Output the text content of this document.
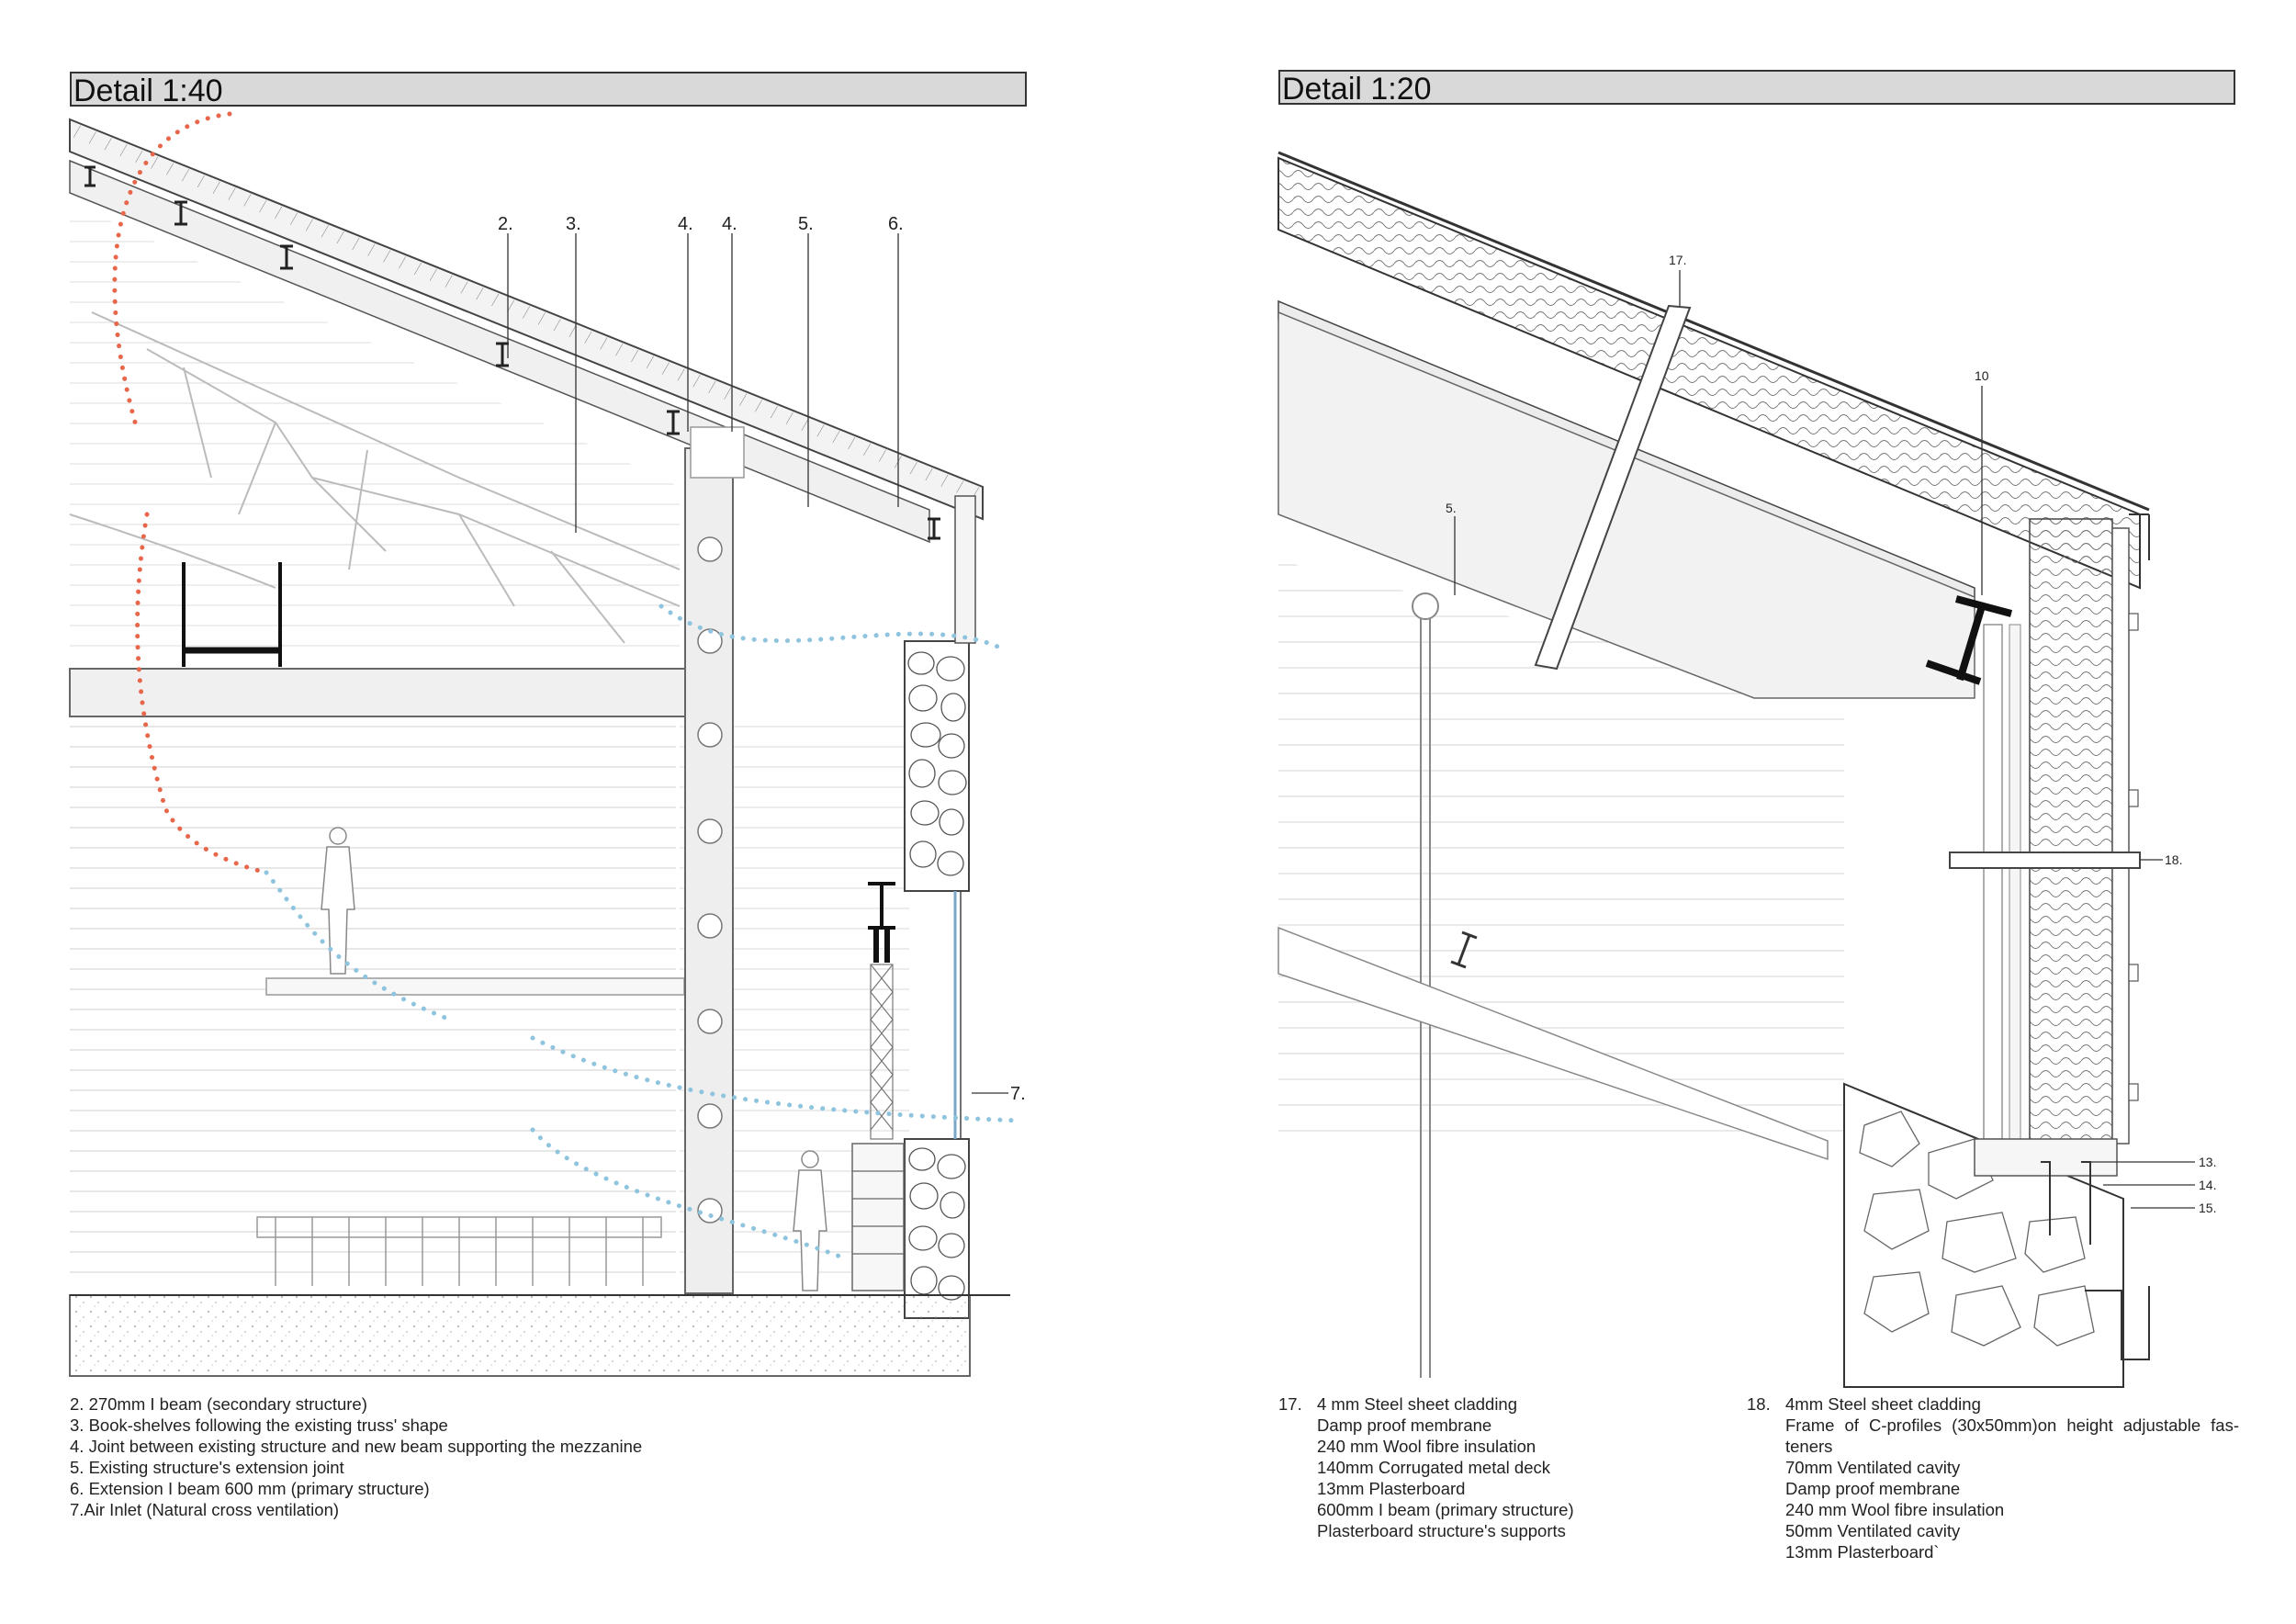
Detail 1:40	Detail 1:20
2.	3.	4. 4.	5.	6.
7.
17.
10
5.
18.
13.
14.
15.
2. 270mm I beam (secondary structure)
3. Book-shelves following the existing truss' shape
4. Joint between existing structure and new beam supporting the mezzanine
5. Existing structure's extension joint
6. Extension I beam 600 mm (primary structure)
7.Air Inlet (Natural cross ventilation)
17. 4 mm Steel sheet cladding
Damp proof membrane
240 mm Wool fibre insulation
140mm Corrugated metal deck
13mm Plasterboard
600mm I beam (primary structure)
Plasterboard structure's supports
18. 4mm Steel sheet cladding
Frame of C-profiles (30x50mm)on height adjustable fas-
teners
70mm Ventilated cavity
Damp proof membrane
240 mm Wool fibre insulation
50mm Ventilated cavity
13mm Plasterboard`
